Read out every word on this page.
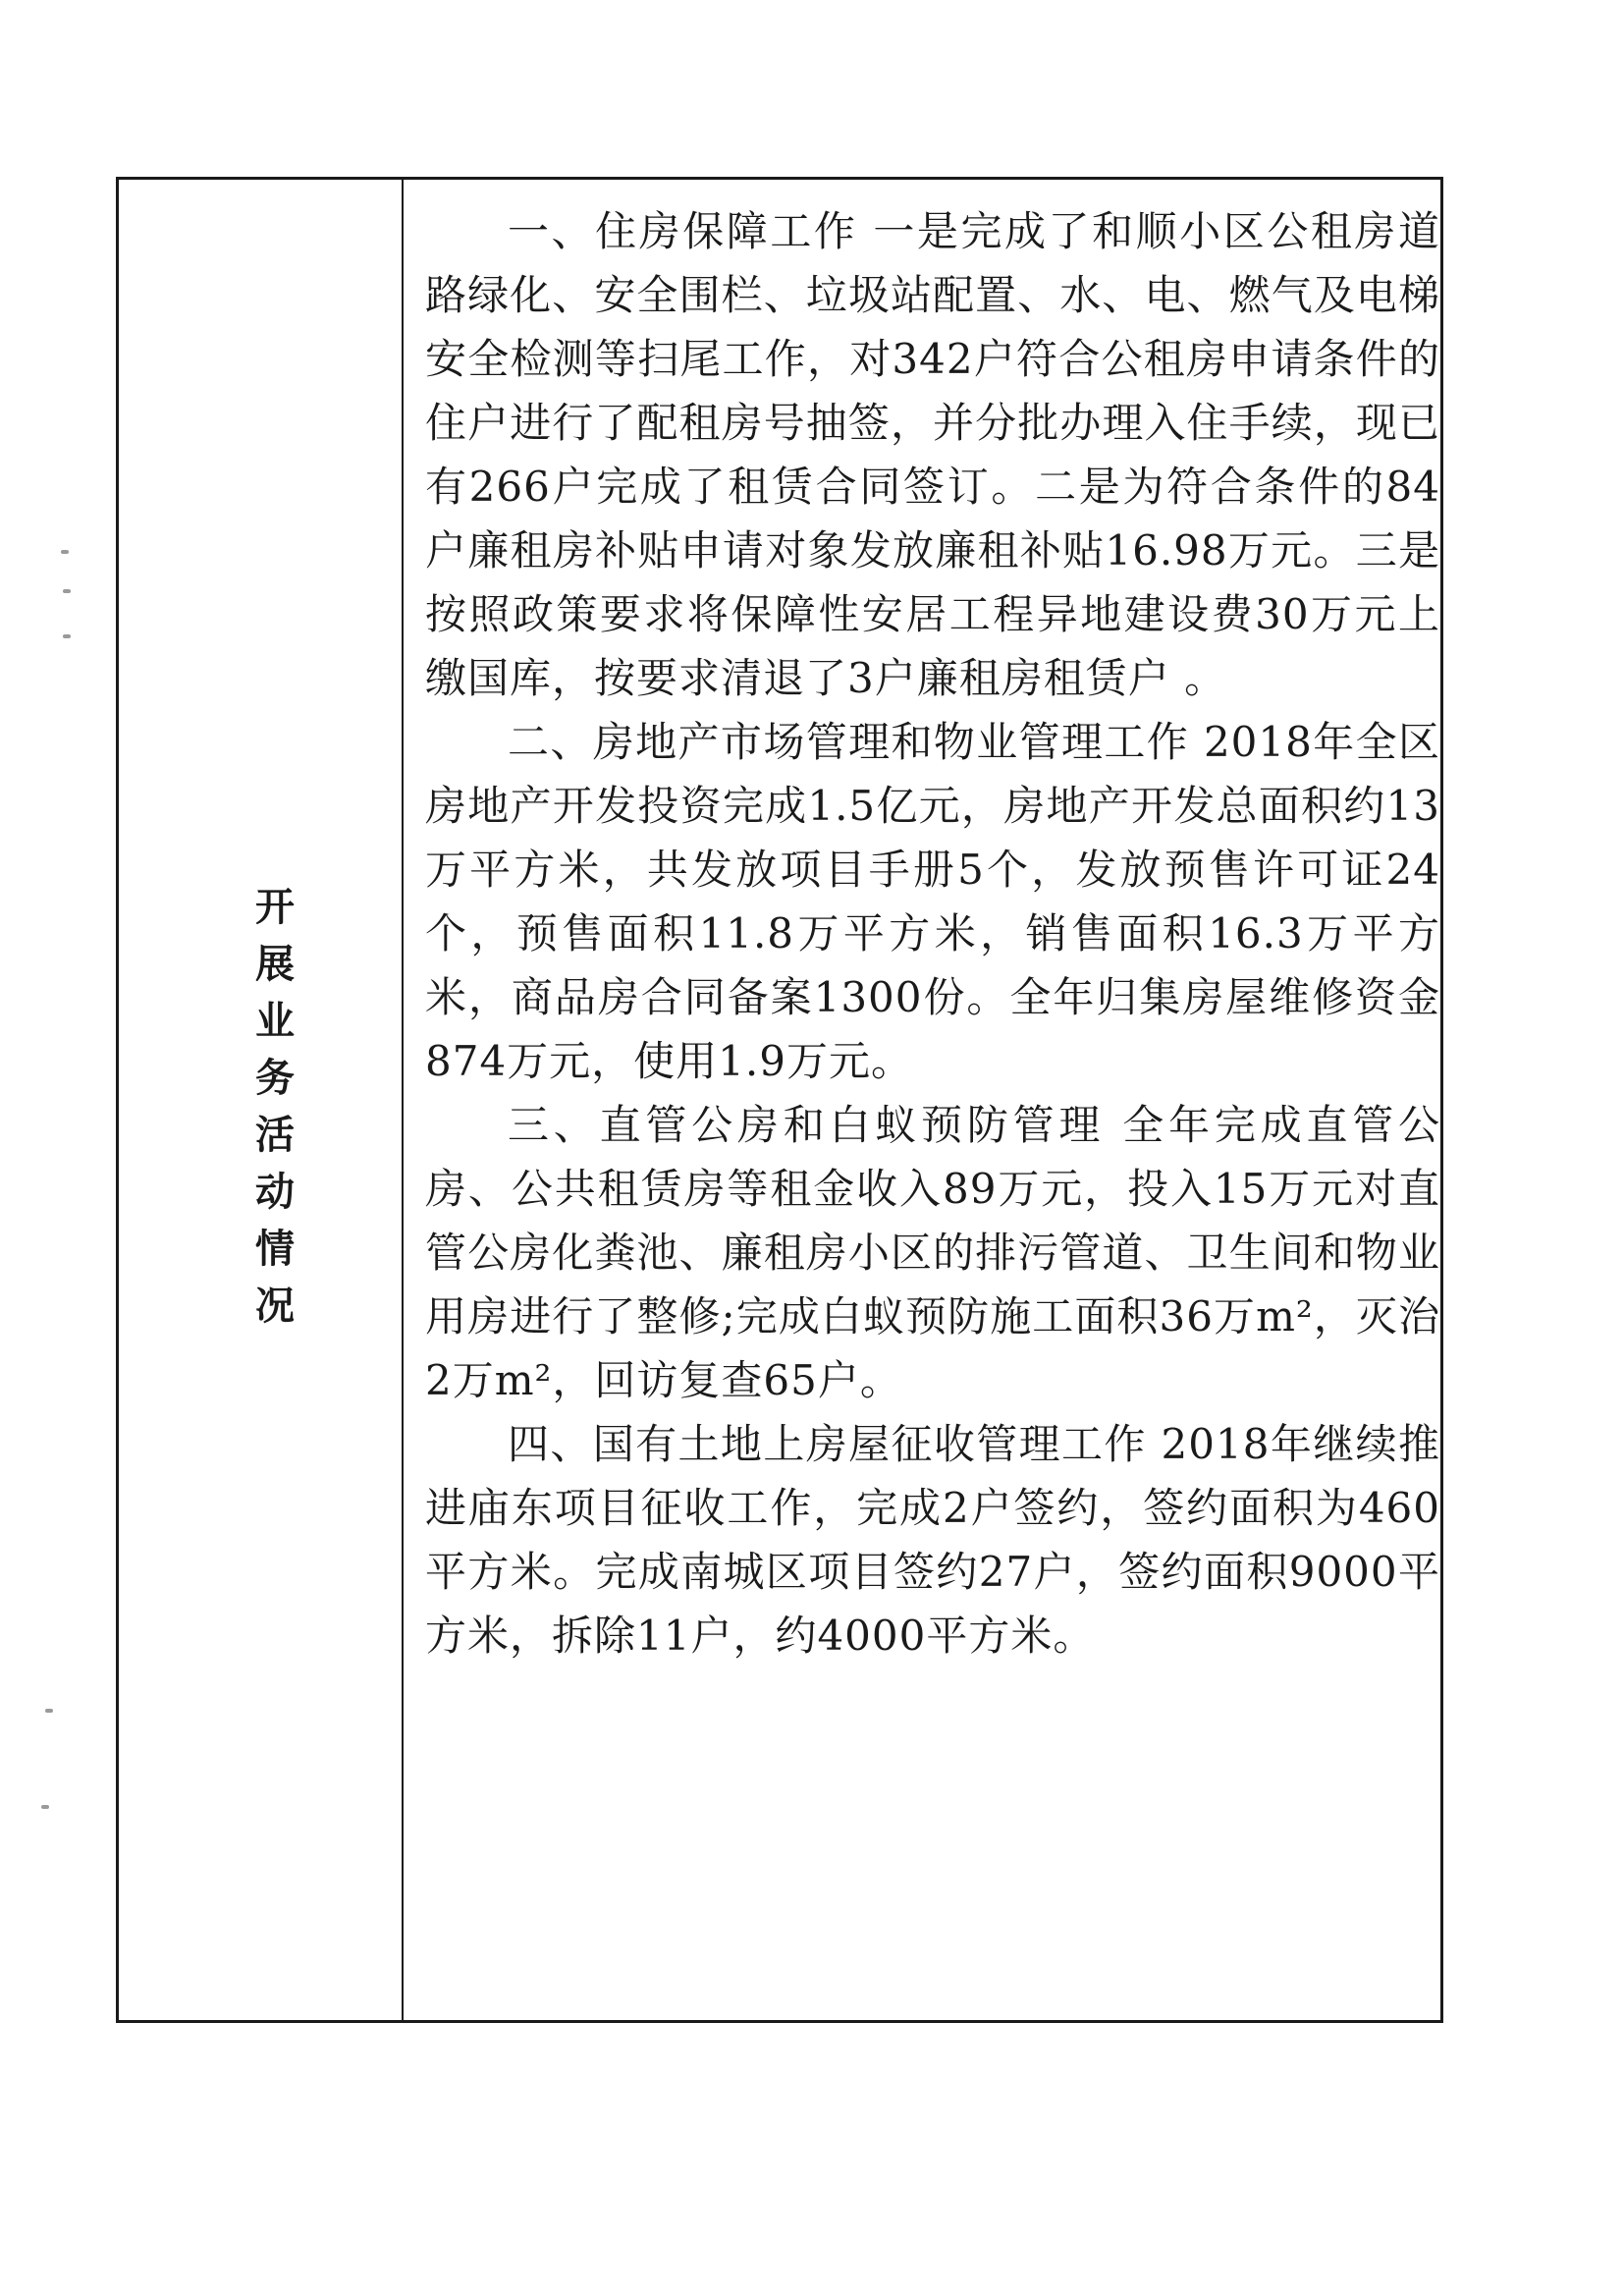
开
展
业
务
活
动
情
况

一、住房保障工作 一是完成了和顺小区公租房道路绿化、安全围栏、垃圾站配置、水、电、燃气及电梯安全检测等扫尾工作，对342户符合公租房申请条件的住户进行了配租房号抽签，并分批办理入住手续，现已有266户完成了租赁合同签订。二是为符合条件的84户廉租房补贴申请对象发放廉租补贴16.98万元。三是按照政策要求将保障性安居工程异地建设费30万元上缴国库，按要求清退了3户廉租房租赁户 。

二、房地产市场管理和物业管理工作 2018年全区房地产开发投资完成1.5亿元，房地产开发总面积约13万平方米，共发放项目手册5个，发放预售许可证24个，预售面积11.8万平方米，销售面积16.3万平方米，商品房合同备案1300份。全年归集房屋维修资金874万元，使用1.9万元。

三、直管公房和白蚁预防管理 全年完成直管公房、公共租赁房等租金收入89万元，投入15万元对直管公房化粪池、廉租房小区的排污管道、卫生间和物业用房进行了整修;完成白蚁预防施工面积36万m²，灭治2万m²，回访复查65户。

四、国有土地上房屋征收管理工作 2018年继续推进庙东项目征收工作，完成2户签约，签约面积为460平方米。完成南城区项目签约27户，签约面积9000平方米，拆除11户，约4000平方米。
